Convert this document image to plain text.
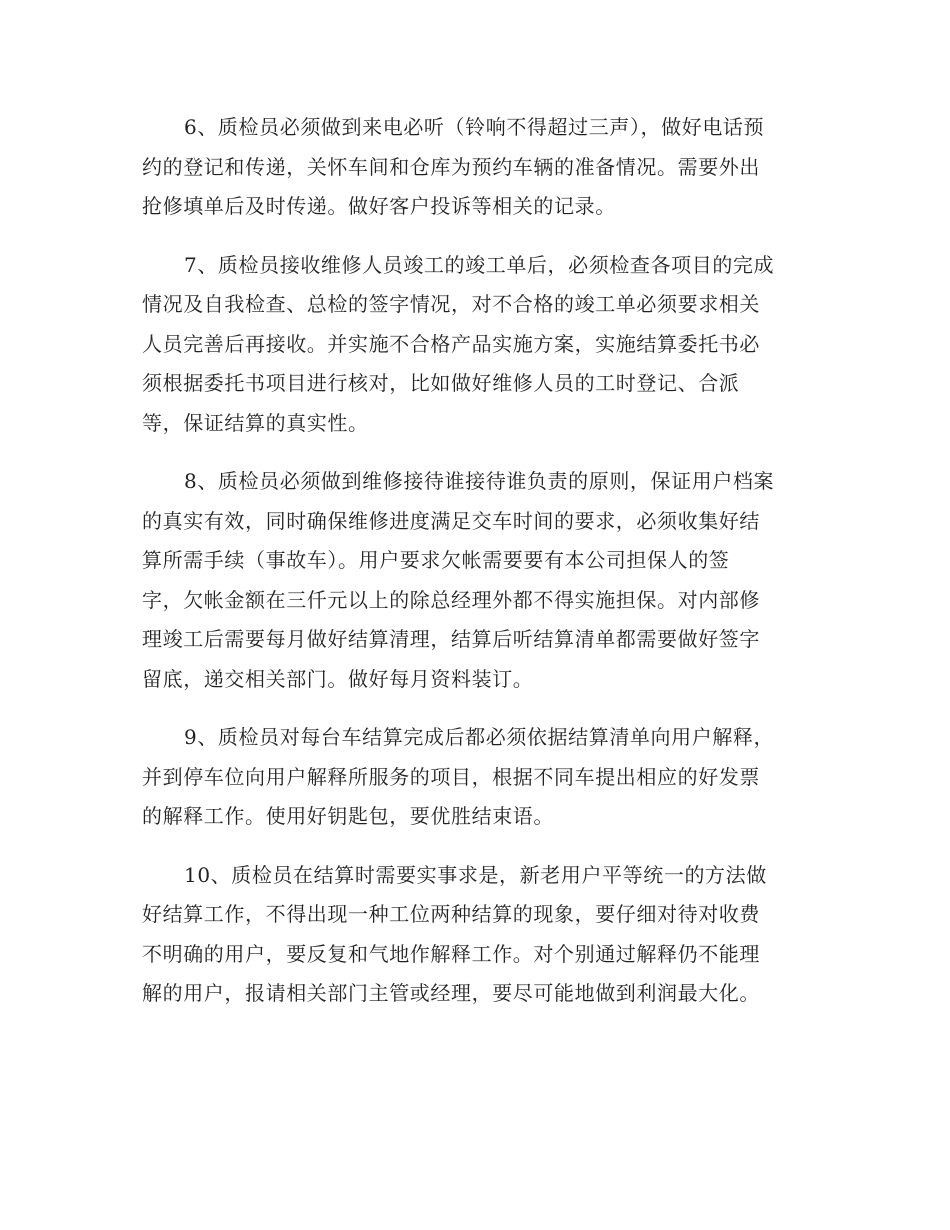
6、质检员必须做到来电必听（铃响不得超过三声），做好电话预
约的登记和传递，关怀车间和仓库为预约车辆的准备情况。需要外出
抢修填单后及时传递。做好客户投诉等相关的记录。
7、质检员接收维修人员竣工的竣工单后，必须检查各项目的完成
情况及自我检查、总检的签字情况，对不合格的竣工单必须要求相关
人员完善后再接收。并实施不合格产品实施方案，实施结算委托书必
须根据委托书项目进行核对，比如做好维修人员的工时登记、合派
等，保证结算的真实性。
8、质检员必须做到维修接待谁接待谁负责的原则，保证用户档案
的真实有效，同时确保维修进度满足交车时间的要求，必须收集好结
算所需手续（事故车）。用户要求欠帐需要要有本公司担保人的签
字，欠帐金额在三仟元以上的除总经理外都不得实施担保。对内部修
理竣工后需要每月做好结算清理，结算后听结算清单都需要做好签字
留底，递交相关部门。做好每月资料装订。
9、质检员对每台车结算完成后都必须依据结算清单向用户解释，
并到停车位向用户解释所服务的项目，根据不同车提出相应的好发票
的解释工作。使用好钥匙包，要优胜结束语。
10、质检员在结算时需要实事求是，新老用户平等统一的方法做
好结算工作，不得出现一种工位两种结算的现象，要仔细对待对收费
不明确的用户，要反复和气地作解释工作。对个别通过解释仍不能理
解的用户，报请相关部门主管或经理，要尽可能地做到利润最大化。
